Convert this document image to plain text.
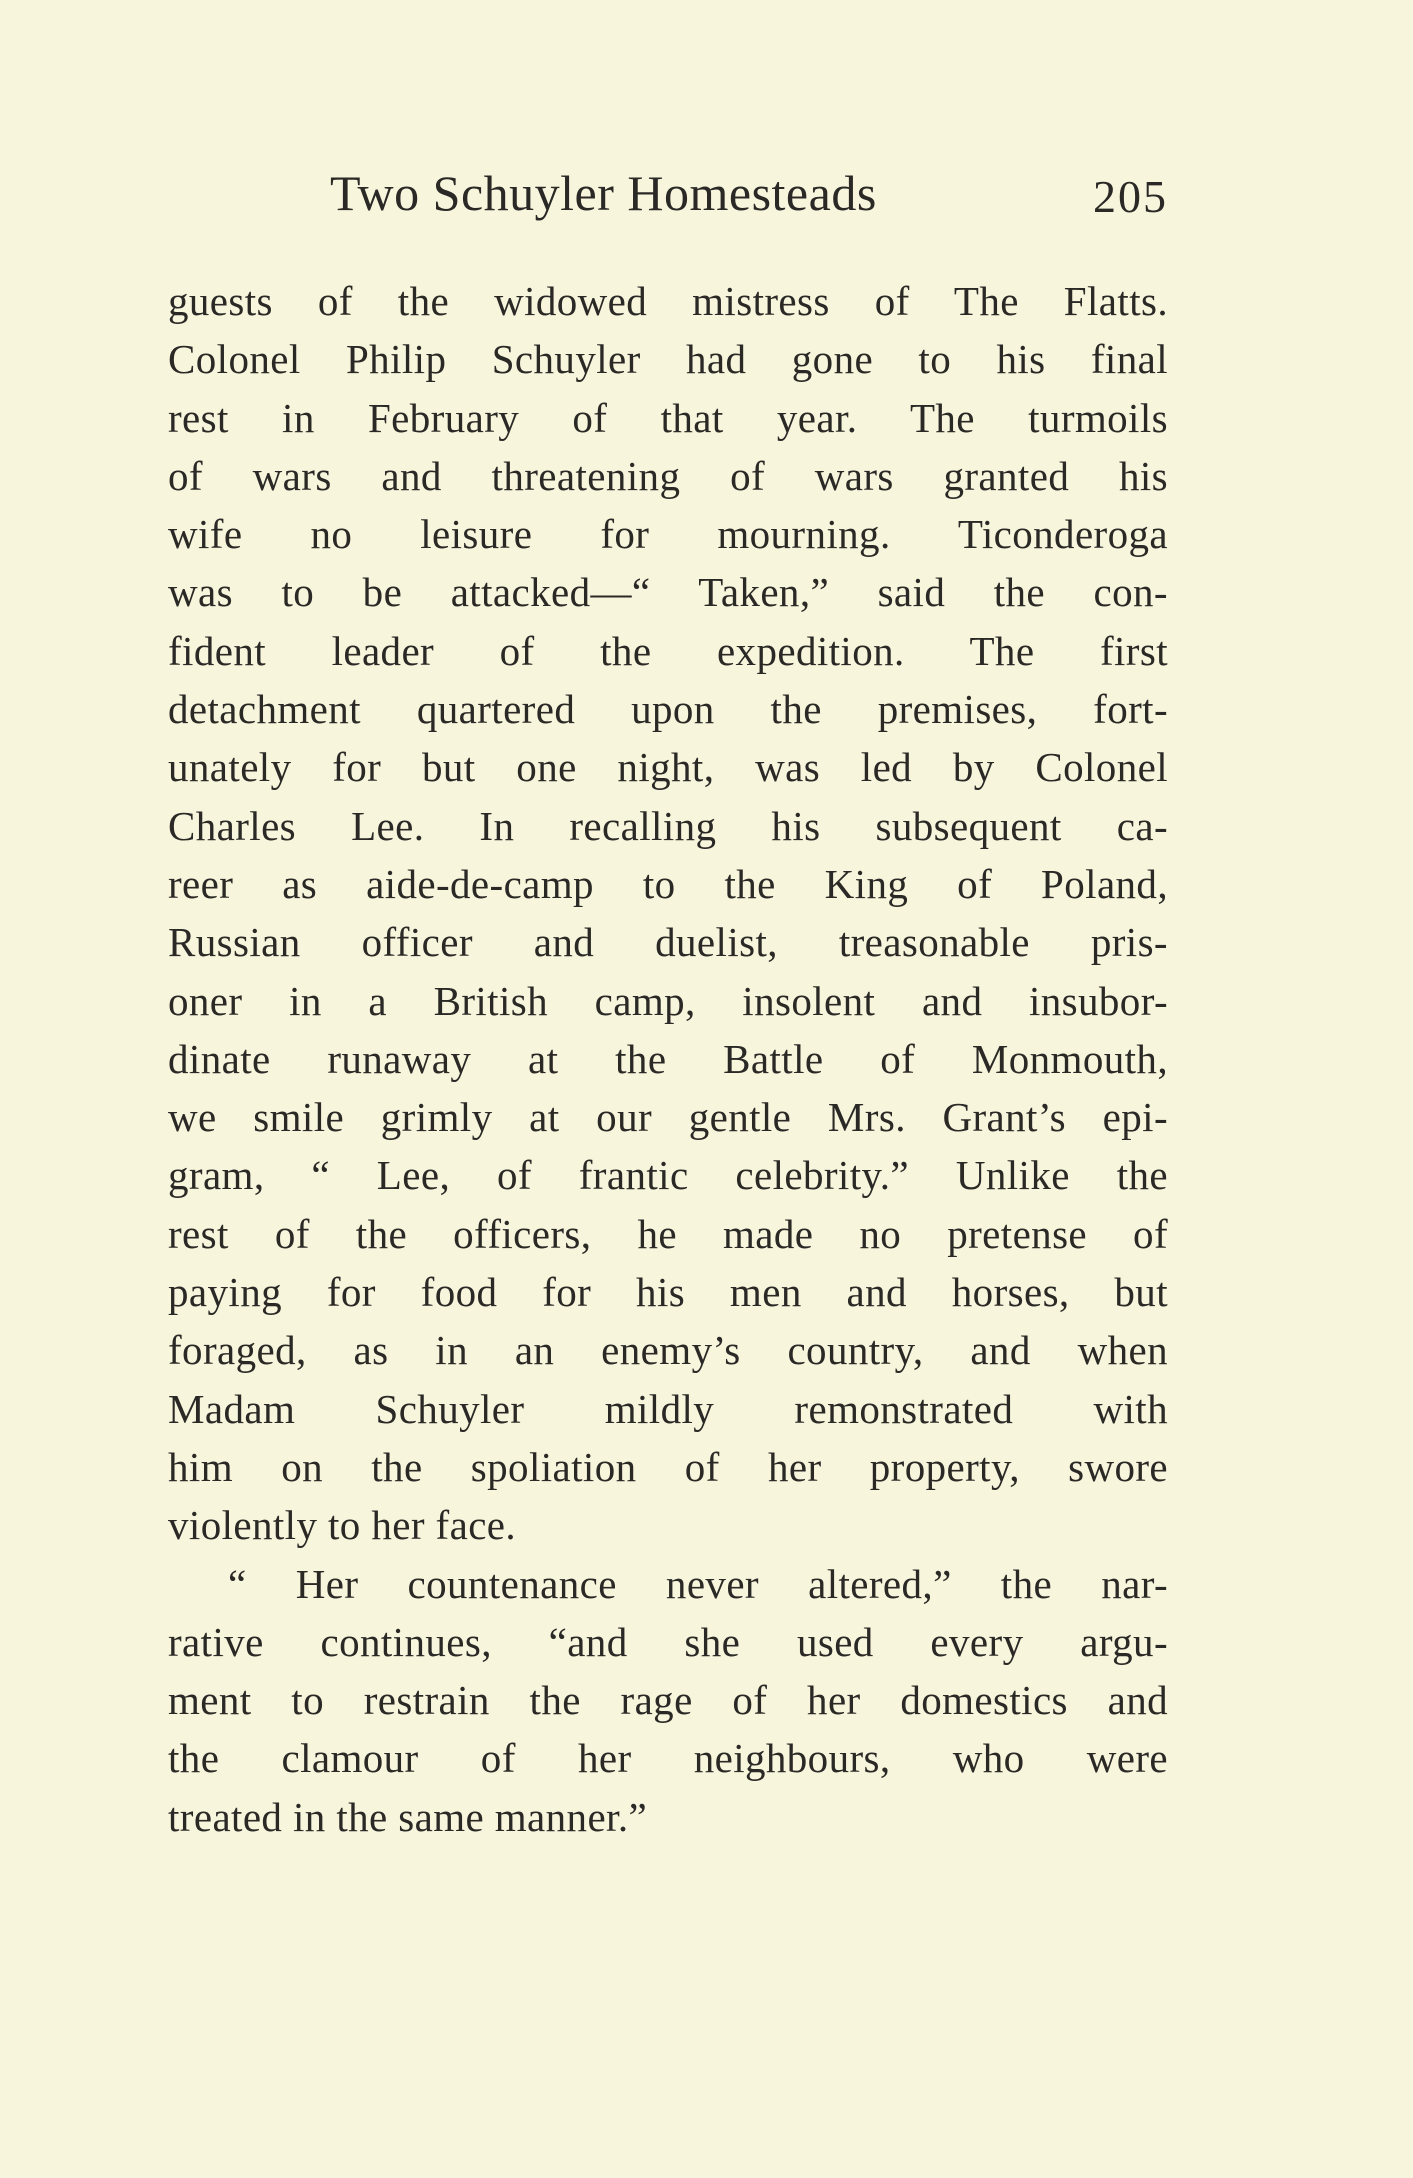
Two Schuyler Homesteads	205
guests of the widowed mistress of The Flatts.
Colonel Philip Schuyler had gone to his final
rest in February of that year. The turmoils
of wars and threatening of wars granted his
wife no leisure for mourning. Ticonderoga
was to be attacked—“ Taken,” said the con-
fident leader of the expedition. The first
detachment quartered upon the premises, fort-
unately for but one night, was led by Colonel
Charles Lee. In recalling his subsequent ca-
reer as aide-de-camp to the King of Poland,
Russian officer and duelist, treasonable pris-
oner in a British camp, insolent and insubor-
dinate runaway at the Battle of Monmouth,
we smile grimly at our gentle Mrs. Grant’s epi-
gram, “ Lee, of frantic celebrity.” Unlike the
rest of the officers, he made no pretense of
paying for food for his men and horses, but
foraged, as in an enemy’s country, and when
Madam Schuyler mildly remonstrated with
him on the spoliation of her property, swore
violently to her face.
“ Her countenance never altered,” the nar-
rative continues, “and she used every argu-
ment to restrain the rage of her domestics and
the clamour of her neighbours, who were
treated in the same manner.”
